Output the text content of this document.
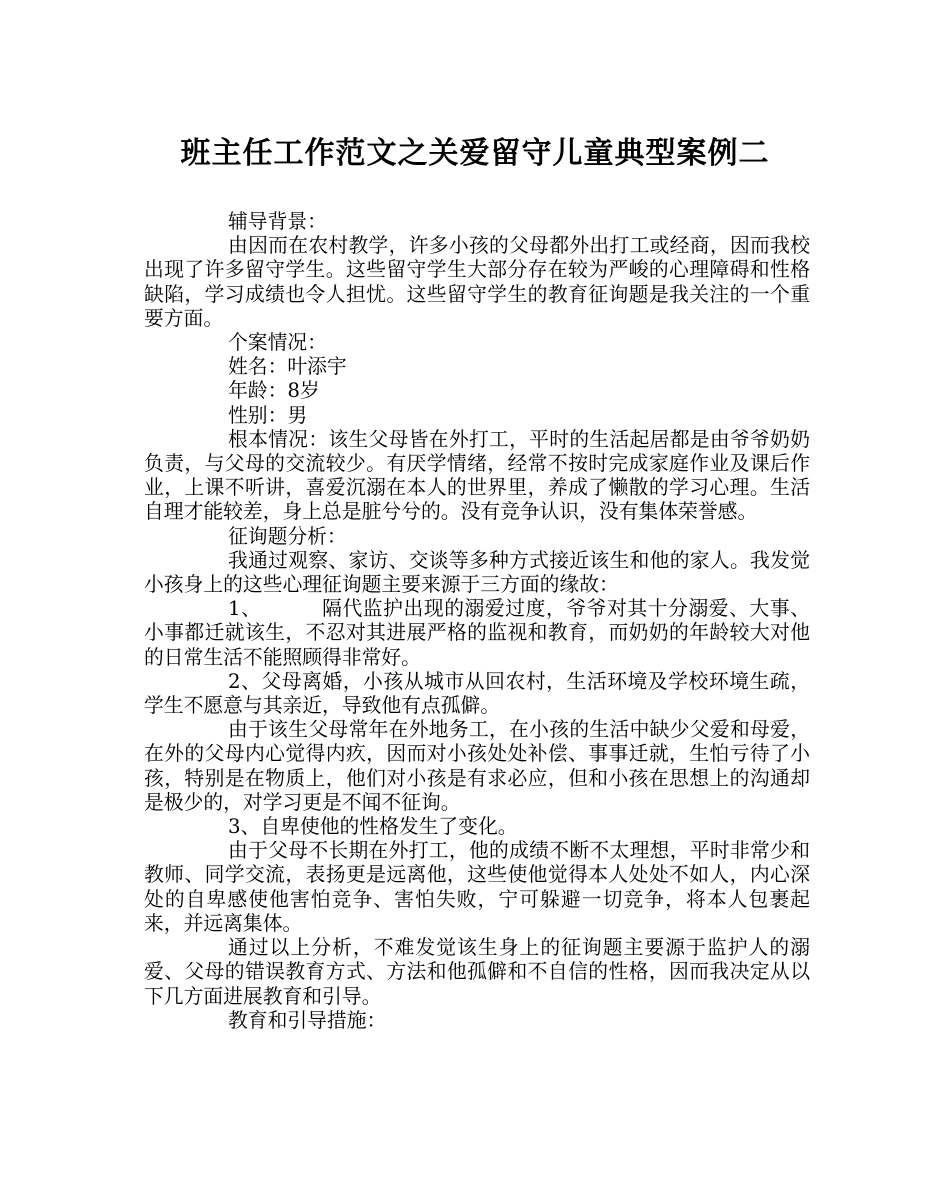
班主任工作范文之关爱留守儿童典型案例二

辅导背景：

由因而在农村教学，许多小孩的父母都外出打工或经商，因而我校出现了许多留守学生。这些留守学生大部分存在较为严峻的心理障碍和性格缺陷，学习成绩也令人担忧。这些留守学生的教育征询题是我关注的一个重要方面。

个案情况：

姓名：叶添宇

年龄：8岁

性别：男

根本情况：该生父母皆在外打工，平时的生活起居都是由爷爷奶奶负责，与父母的交流较少。有厌学情绪，经常不按时完成家庭作业及课后作业，上课不听讲，喜爱沉溺在本人的世界里，养成了懒散的学习心理。生活自理才能较差，身上总是脏兮兮的。没有竞争认识，没有集体荣誉感。

征询题分析：

我通过观察、家访、交谈等多种方式接近该生和他的家人。我发觉小孩身上的这些心理征询题主要来源于三方面的缘故：

1、	隔代监护出现的溺爱过度，爷爷对其十分溺爱、大事、小事都迁就该生，不忍对其进展严格的监视和教育，而奶奶的年龄较大对他的日常生活不能照顾得非常好。

2、父母离婚，小孩从城市从回农村，生活环境及学校环境生疏，学生不愿意与其亲近，导致他有点孤僻。

由于该生父母常年在外地务工，在小孩的生活中缺少父爱和母爱，在外的父母内心觉得内疚，因而对小孩处处补偿、事事迁就，生怕亏待了小孩，特别是在物质上，他们对小孩是有求必应，但和小孩在思想上的沟通却是极少的，对学习更是不闻不征询。

3、自卑使他的性格发生了变化。

由于父母不长期在外打工，他的成绩不断不太理想，平时非常少和教师、同学交流，表扬更是远离他，这些使他觉得本人处处不如人，内心深处的自卑感使他害怕竞争、害怕失败，宁可躲避一切竞争，将本人包裹起来，并远离集体。

通过以上分析，不难发觉该生身上的征询题主要源于监护人的溺爱、父母的错误教育方式、方法和他孤僻和不自信的性格，因而我决定从以下几方面进展教育和引导。

教育和引导措施：
